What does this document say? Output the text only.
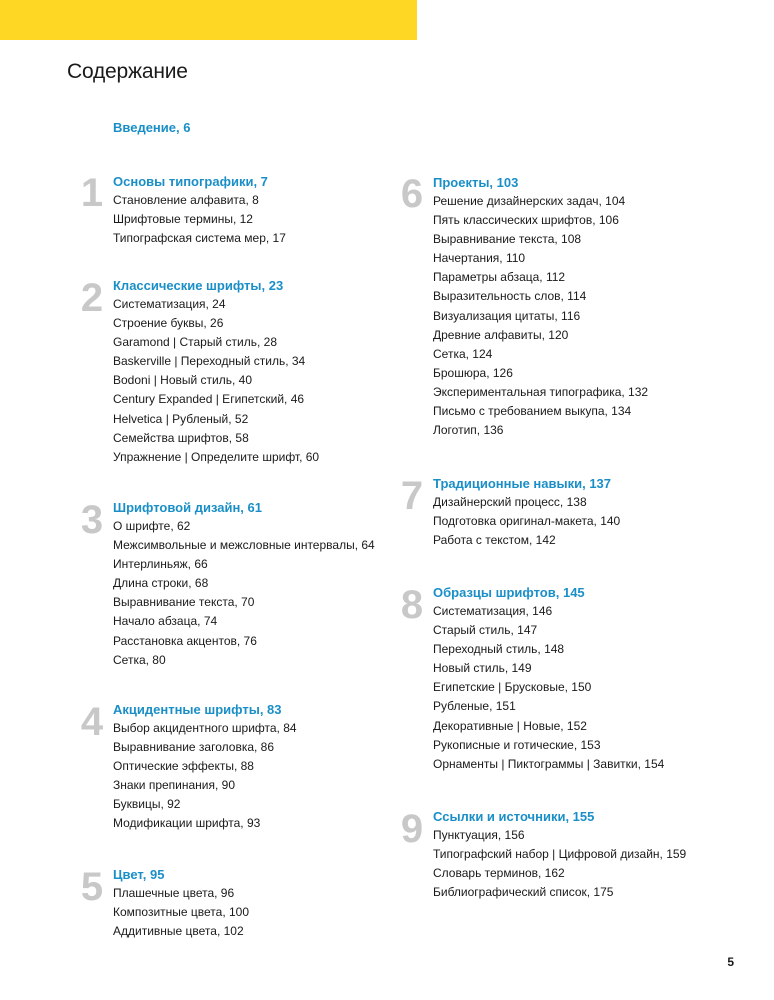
Содержание
Введение, 6
1 Основы типографики, 7
Становление алфавита, 8
Шрифтовые термины, 12
Типографская система мер, 17
2 Классические шрифты, 23
Систематизация, 24
Строение буквы, 26
Garamond | Старый стиль, 28
Baskerville | Переходный стиль, 34
Bodoni | Новый стиль, 40
Century Expanded | Египетский, 46
Helvetica | Рубленый, 52
Семейства шрифтов, 58
Упражнение | Определите шрифт, 60
3 Шрифтовой дизайн, 61
О шрифте, 62
Межсимвольные и межсловные интервалы, 64
Интерлиньяж, 66
Длина строки, 68
Выравнивание текста, 70
Начало абзаца, 74
Расстановка акцентов, 76
Сетка, 80
4 Акцидентные шрифты, 83
Выбор акцидентного шрифта, 84
Выравнивание заголовка, 86
Оптические эффекты, 88
Знаки препинания, 90
Буквицы, 92
Модификации шрифта, 93
5 Цвет, 95
Плашечные цвета, 96
Композитные цвета, 100
Аддитивные цвета, 102
6 Проекты, 103
Решение дизайнерских задач, 104
Пять классических шрифтов, 106
Выравнивание текста, 108
Начертания, 110
Параметры абзаца, 112
Выразительность слов, 114
Визуализация цитаты, 116
Древние алфавиты, 120
Сетка, 124
Брошюра, 126
Экспериментальная типографика, 132
Письмо с требованием выкупа, 134
Логотип, 136
7 Традиционные навыки, 137
Дизайнерский процесс, 138
Подготовка оригинал-макета, 140
Работа с текстом, 142
8 Образцы шрифтов, 145
Систематизация, 146
Старый стиль, 147
Переходный стиль, 148
Новый стиль, 149
Египетские | Брусковые, 150
Рубленые, 151
Декоративные | Новые, 152
Рукописные и готические, 153
Орнаменты | Пиктограммы | Завитки, 154
9 Ссылки и источники, 155
Пунктуация, 156
Типографский набор | Цифровой дизайн, 159
Словарь терминов, 162
Библиографический список, 175
5
